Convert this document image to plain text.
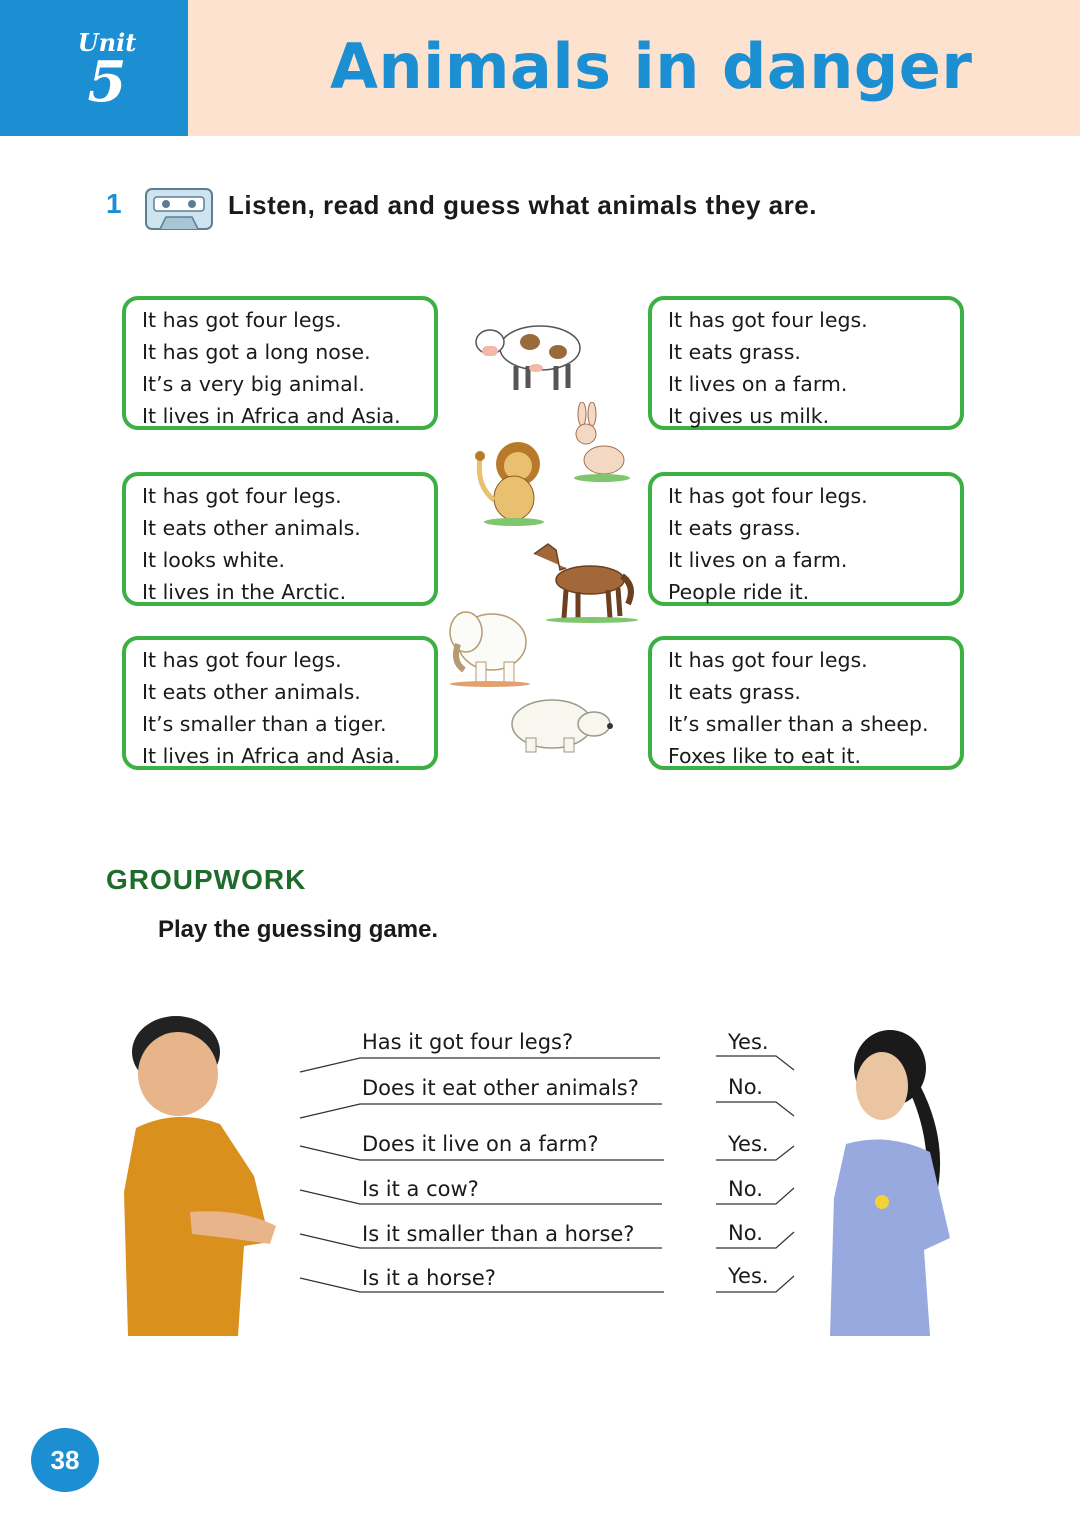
Unit
5	Animals in danger
1	Listen, read and guess what animals they are.
It has got four legs.
It has got a long nose.
It’s a very big animal.
It lives in Africa and Asia.
It has got four legs.
It eats other animals.
It looks white.
It lives in the Arctic.
It has got four legs.
It eats other animals.
It’s smaller than a tiger.
It lives in Africa and Asia.
It has got four legs.
It eats grass.
It lives on a farm.
It gives us milk.
It has got four legs.
It eats grass.
It lives on a farm.
People ride it.
It has got four legs.
It eats grass.
It’s smaller than a sheep.
Foxes like to eat it.
GROUPWORK
Play the guessing game.
Has it got four legs?
Does it eat other animals?
Does it live on a farm?
Is it a cow?
Is it smaller than a horse?
Is it a horse?
Yes.
No.
Yes.
No.
No.
Yes.
38
